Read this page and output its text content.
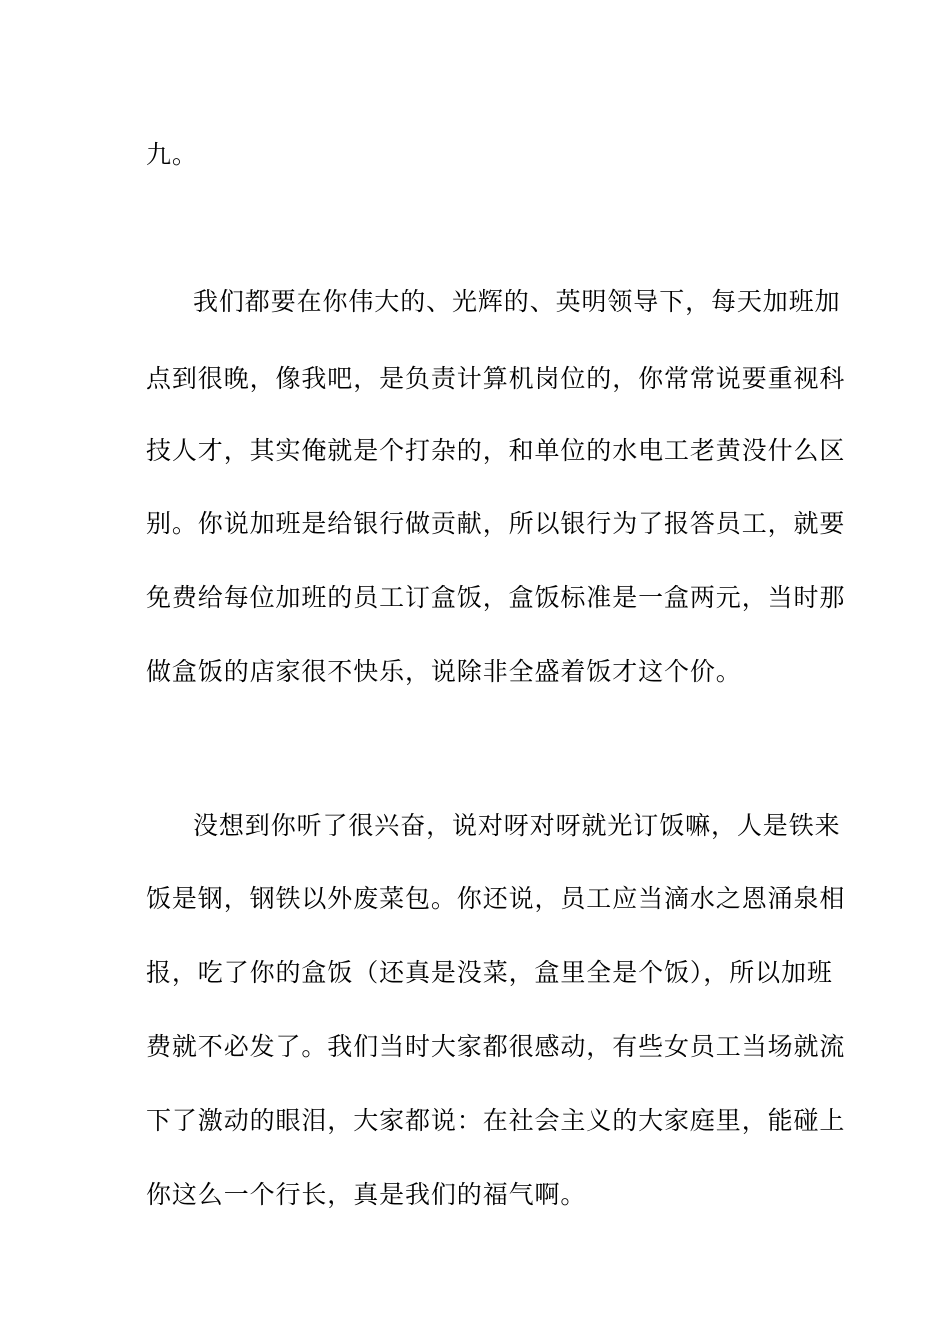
九。
我们都要在你伟大的、光辉的、英明领导下，每天加班加
点到很晚，像我吧，是负责计算机岗位的，你常常说要重视科
技人才，其实俺就是个打杂的，和单位的水电工老黄没什么区
别。你说加班是给银行做贡献，所以银行为了报答员工，就要
免费给每位加班的员工订盒饭，盒饭标准是一盒两元，当时那
做盒饭的店家很不快乐，说除非全盛着饭才这个价。
没想到你听了很兴奋，说对呀对呀就光订饭嘛，人是铁来
饭是钢，钢铁以外废菜包。你还说，员工应当滴水之恩涌泉相
报，吃了你的盒饭（还真是没菜，盒里全是个饭），所以加班
费就不必发了。我们当时大家都很感动，有些女员工当场就流
下了激动的眼泪，大家都说：在社会主义的大家庭里，能碰上
你这么一个行长，真是我们的福气啊。
